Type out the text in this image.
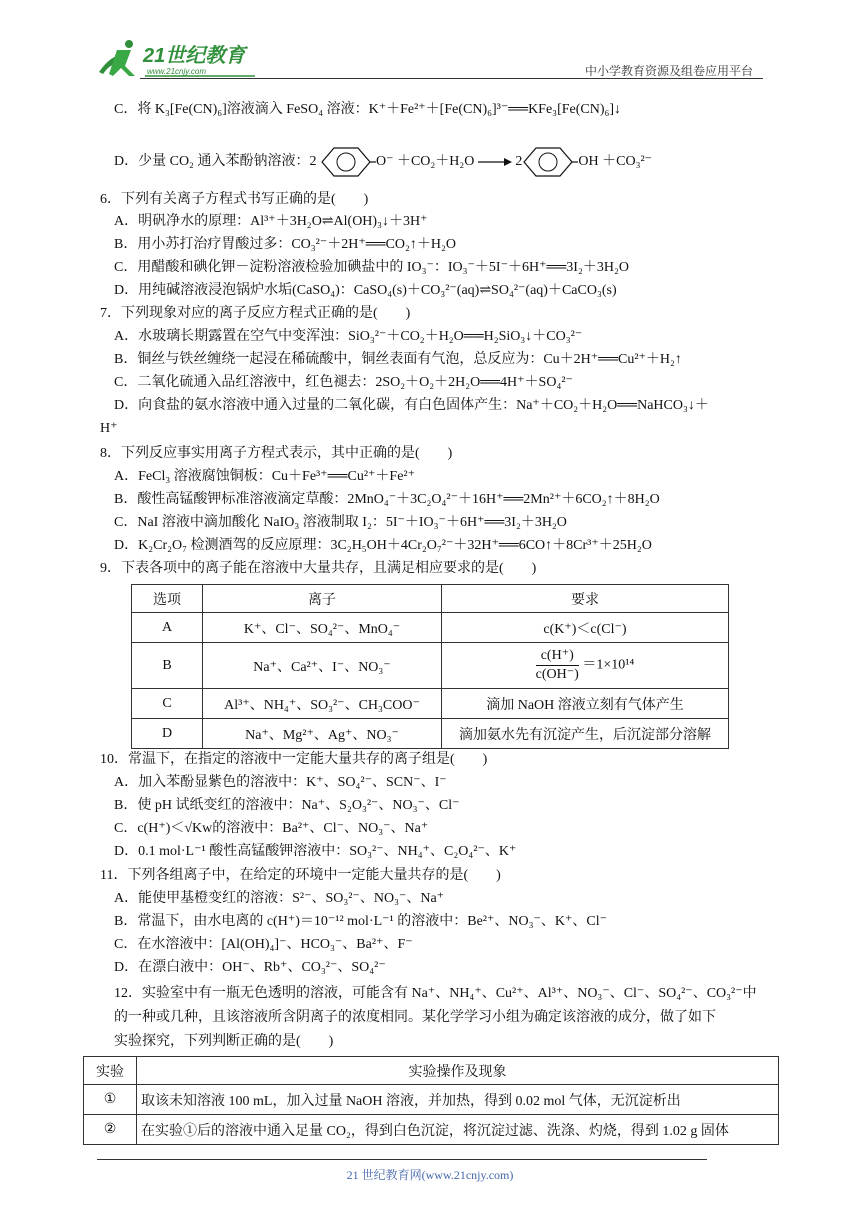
21世纪教育
www.21cnjy.com	中小学教育资源及组卷应用平台
C．将 K₃[Fe(CN)₆]溶液滴入 FeSO₄ 溶液：K⁺＋Fe²⁺＋[Fe(CN)₆]³⁻══KFe₃[Fe(CN)₆]↓
D．少量 CO₂ 通入苯酚钠溶液：2	O⁻ ＋CO₂＋H₂O	2	OH ＋CO₃²⁻
6．下列有关离子方程式书写正确的是(　　)
A．明矾净水的原理：Al³⁺＋3H₂O⇌Al(OH)₃↓＋3H⁺
B．用小苏打治疗胃酸过多：CO₃²⁻＋2H⁺══CO₂↑＋H₂O
C．用醋酸和碘化钾－淀粉溶液检验加碘盐中的 IO₃⁻：IO₃⁻＋5I⁻＋6H⁺══3I₂＋3H₂O
D．用纯碱溶液浸泡锅炉水垢(CaSO₄)：CaSO₄(s)＋CO₃²⁻(aq)⇌SO₄²⁻(aq)＋CaCO₃(s)
7．下列现象对应的离子反应方程式正确的是(　　)
A．水玻璃长期露置在空气中变浑浊：SiO₃²⁻＋CO₂＋H₂O══H₂SiO₃↓＋CO₃²⁻
B．铜丝与铁丝缠绕一起浸在稀硫酸中，铜丝表面有气泡，总反应为：Cu＋2H⁺══Cu²⁺＋H₂↑
C．二氧化硫通入品红溶液中，红色褪去：2SO₂＋O₂＋2H₂O══4H⁺＋SO₄²⁻
D．向食盐的氨水溶液中通入过量的二氧化碳，有白色固体产生：Na⁺＋CO₂＋H₂O══NaHCO₃↓＋
H⁺
8．下列反应事实用离子方程式表示，其中正确的是(　　)
A．FeCl₃ 溶液腐蚀铜板：Cu＋Fe³⁺══Cu²⁺＋Fe²⁺
B．酸性高锰酸钾标准溶液滴定草酸：2MnO₄⁻＋3C₂O₄²⁻＋16H⁺══2Mn²⁺＋6CO₂↑＋8H₂O
C．NaI 溶液中滴加酸化 NaIO₃ 溶液制取 I₂：5I⁻＋IO₃⁻＋6H⁺══3I₂＋3H₂O
D．K₂Cr₂O₇ 检测酒驾的反应原理：3C₂H₅OH＋4Cr₂O₇²⁻＋32H⁺══6CO↑＋8Cr³⁺＋25H₂O
9．下表各项中的离子能在溶液中大量共存，且满足相应要求的是(　　)
选项	离子	要求
A	K⁺、Cl⁻、SO₄²⁻、MnO₄⁻	c(K⁺)＜c(Cl⁻)
B	Na⁺、Ca²⁺、I⁻、NO₃⁻	$\frac{c(H^+)}{c(OH^-)} =1\times 10^{14}$
C	Al³⁺、NH₄⁺、SO₃²⁻、CH₃COO⁻	滴加 NaOH 溶液立刻有气体产生
D	Na⁺、Mg²⁺、Ag⁺、NO₃⁻	滴加氨水先有沉淀产生，后沉淀部分溶解
10．常温下，在指定的溶液中一定能大量共存的离子组是(　　)
A．加入苯酚显紫色的溶液中：K⁺、SO₄²⁻、SCN⁻、I⁻
B．使 pH 试纸变红的溶液中：Na⁺、S₂O₃²⁻、NO₃⁻、Cl⁻
C．c(H⁺)＜√Kw的溶液中：Ba²⁺、Cl⁻、NO₃⁻、Na⁺
D．0.1 mol·L⁻¹ 酸性高锰酸钾溶液中：SO₃²⁻、NH₄⁺、C₂O₄²⁻、K⁺
11．下列各组离子中，在给定的环境中一定能大量共存的是(　　)
A．能使甲基橙变红的溶液：S²⁻、SO₃²⁻、NO₃⁻、Na⁺
B．常温下，由水电离的 c(H⁺)＝10⁻¹² mol·L⁻¹ 的溶液中：Be²⁺、NO₃⁻、K⁺、Cl⁻
C．在水溶液中：[Al(OH)₄]⁻、HCO₃⁻、Ba²⁺、F⁻
D．在漂白液中：OH⁻、Rb⁺、CO₃²⁻、SO₄²⁻
12．实验室中有一瓶无色透明的溶液，可能含有 Na⁺、NH₄⁺、Cu²⁺、Al³⁺、NO₃⁻、Cl⁻、SO₄²⁻、CO₃²⁻中
的一种或几种，且该溶液所含阴离子的浓度相同。某化学学习小组为确定该溶液的成分，做了如下
实验探究，下列判断正确的是(　　)
实验	实验操作及现象
①	取该未知溶液 100 mL，加入过量 NaOH 溶液，并加热，得到 0.02 mol 气体，无沉淀析出
②	在实验①后的溶液中通入足量 CO₂，得到白色沉淀，将沉淀过滤、洗涤、灼烧，得到 1.02 g 固体
21 世纪教育网(www.21cnjy.com)
